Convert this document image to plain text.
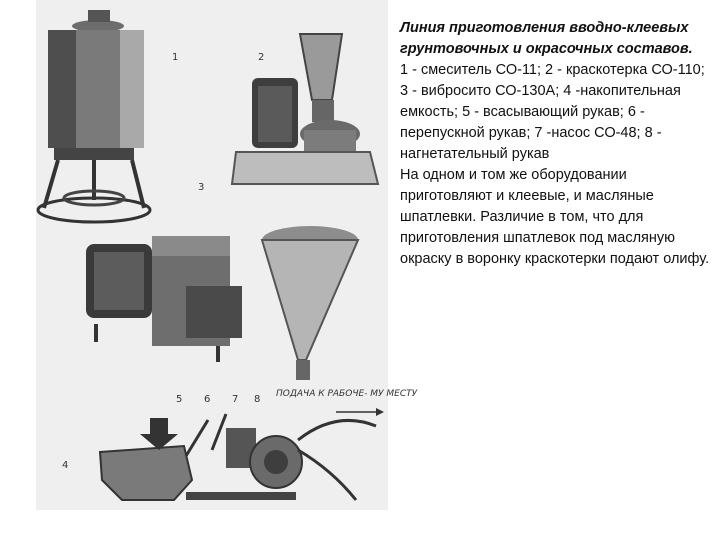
1	2
3
4
5 6 7 8 ПОДАЧА К РАБОЧЕ- МУ МЕСТУ

Линия приготовления вводно-клеевых грунтовочных и окрасочных составов.

1 - смеситель СО-11; 2 - краскотерка СО-110; 3 - вибросито СО-130А; 4 -накопительная емкость; 5 - всасывающий рукав; 6 - перепускной рукав; 7 -насос СО-48; 8 - нагнетательный рукав

На одном и том же оборудовании приготовляют и клеевые, и масляные шпатлевки. Различие в том, что для приготовления шпатлевок под масляную окраску в воронку краскотерки подают олифу.
